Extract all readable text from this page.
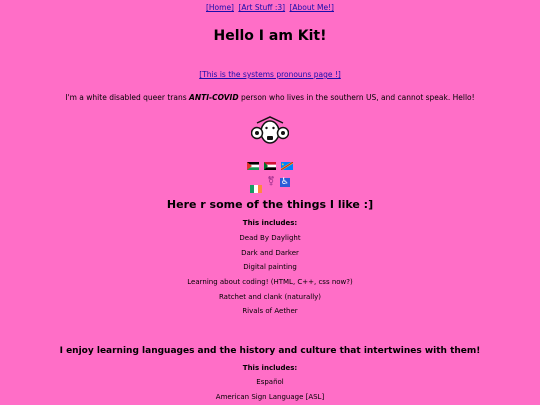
[Home] [Art Stuff :3] [About Me!]
Hello I am Kit!
[This is the systems pronouns page !]
I'm a white disabled queer trans ANTI-COVID person who lives in the southern US, and cannot speak. Hello!
⚧ ♿
Here r some of the things I like :]
This includes:
Dead By Daylight
Dark and Darker
Digital painting
Learning about coding! (HTML, C++, css now?)
Ratchet and clank (naturally)
Rivals of Aether
I enjoy learning languages and the history and culture that intertwines with them!
This includes:
Español
American Sign Language [ASL]
